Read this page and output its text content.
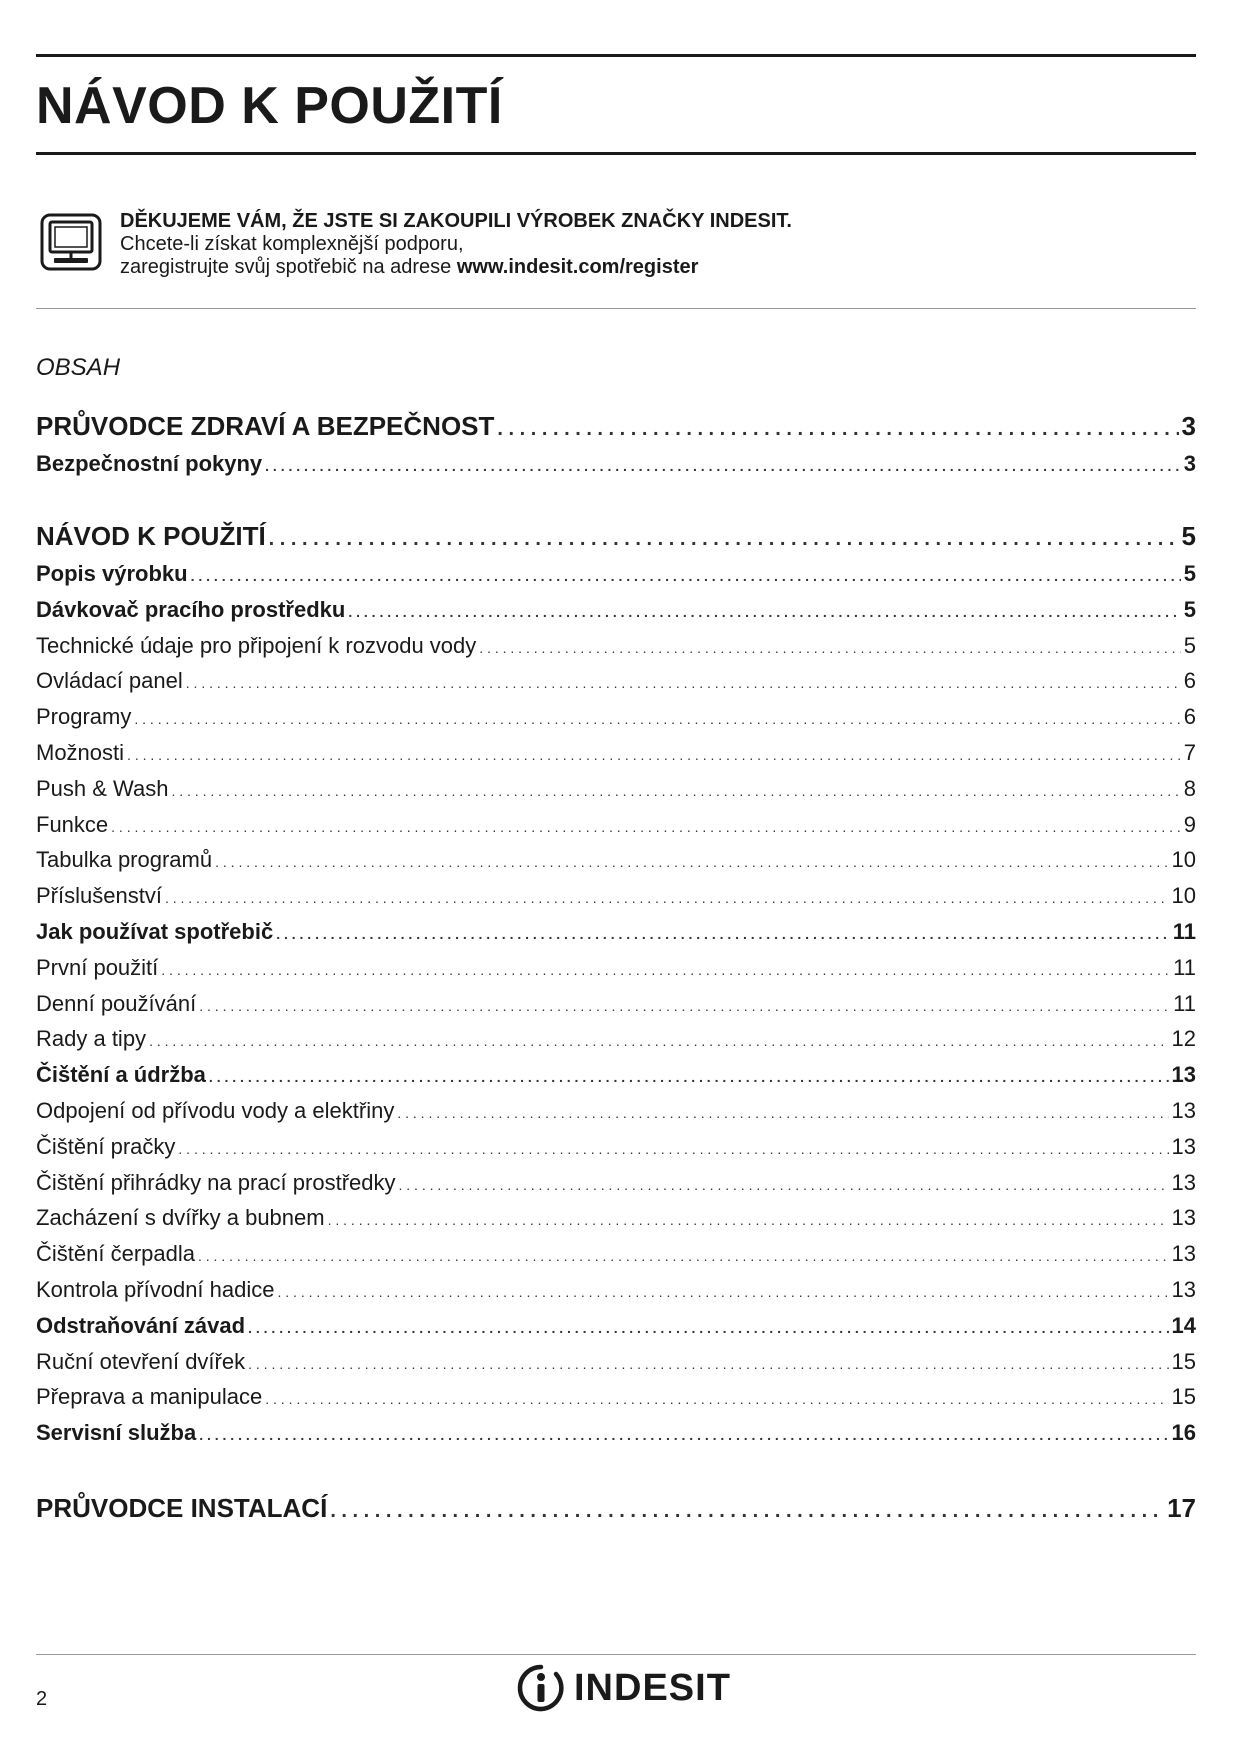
NÁVOD K POUŽITÍ
DĚKUJEME VÁM, ŽE JSTE SI ZAKOUPILI VÝROBEK ZNAČKY INDESIT.
Chcete-li získat komplexnější podporu,
zaregistrujte svůj spotřebič na adrese www.indesit.com/register
OBSAH
PRŮVODCE ZDRAVÍ A BEZPEČNOST . . .	3
Bezpečnostní pokyny . . .	3
NÁVOD K POUŽITÍ . . .	5
Popis výrobku . . .	5
Dávkovač pracího prostředku . . .	5
Technické údaje pro připojení k rozvodu vody . . .	5
Ovládací panel . . .	6
Programy . . .	6
Možnosti . . .	7
Push & Wash . . .	8
Funkce . . .	9
Tabulka programů . . .	10
Příslušenství . . .	10
Jak používat spotřebič . . .	11
První použití . . .	11
Denní používání . . .	11
Rady a tipy . . .	12
Čištění a údržba . . .	13
Odpojení od přívodu vody a elektřiny . . .	13
Čištění pračky . . .	13
Čištění přihrádky na prací prostředky . . .	13
Zacházení s dvířky a bubnem . . .	13
Čištění čerpadla . . .	13
Kontrola přívodní hadice . . .	13
Odstraňování závad . . .	14
Ruční otevření dvířek . . .	15
Přeprava a manipulace . . .	15
Servisní služba . . .	16
PRŮVODCE INSTALACÍ . . .	17
2	INDESIT
